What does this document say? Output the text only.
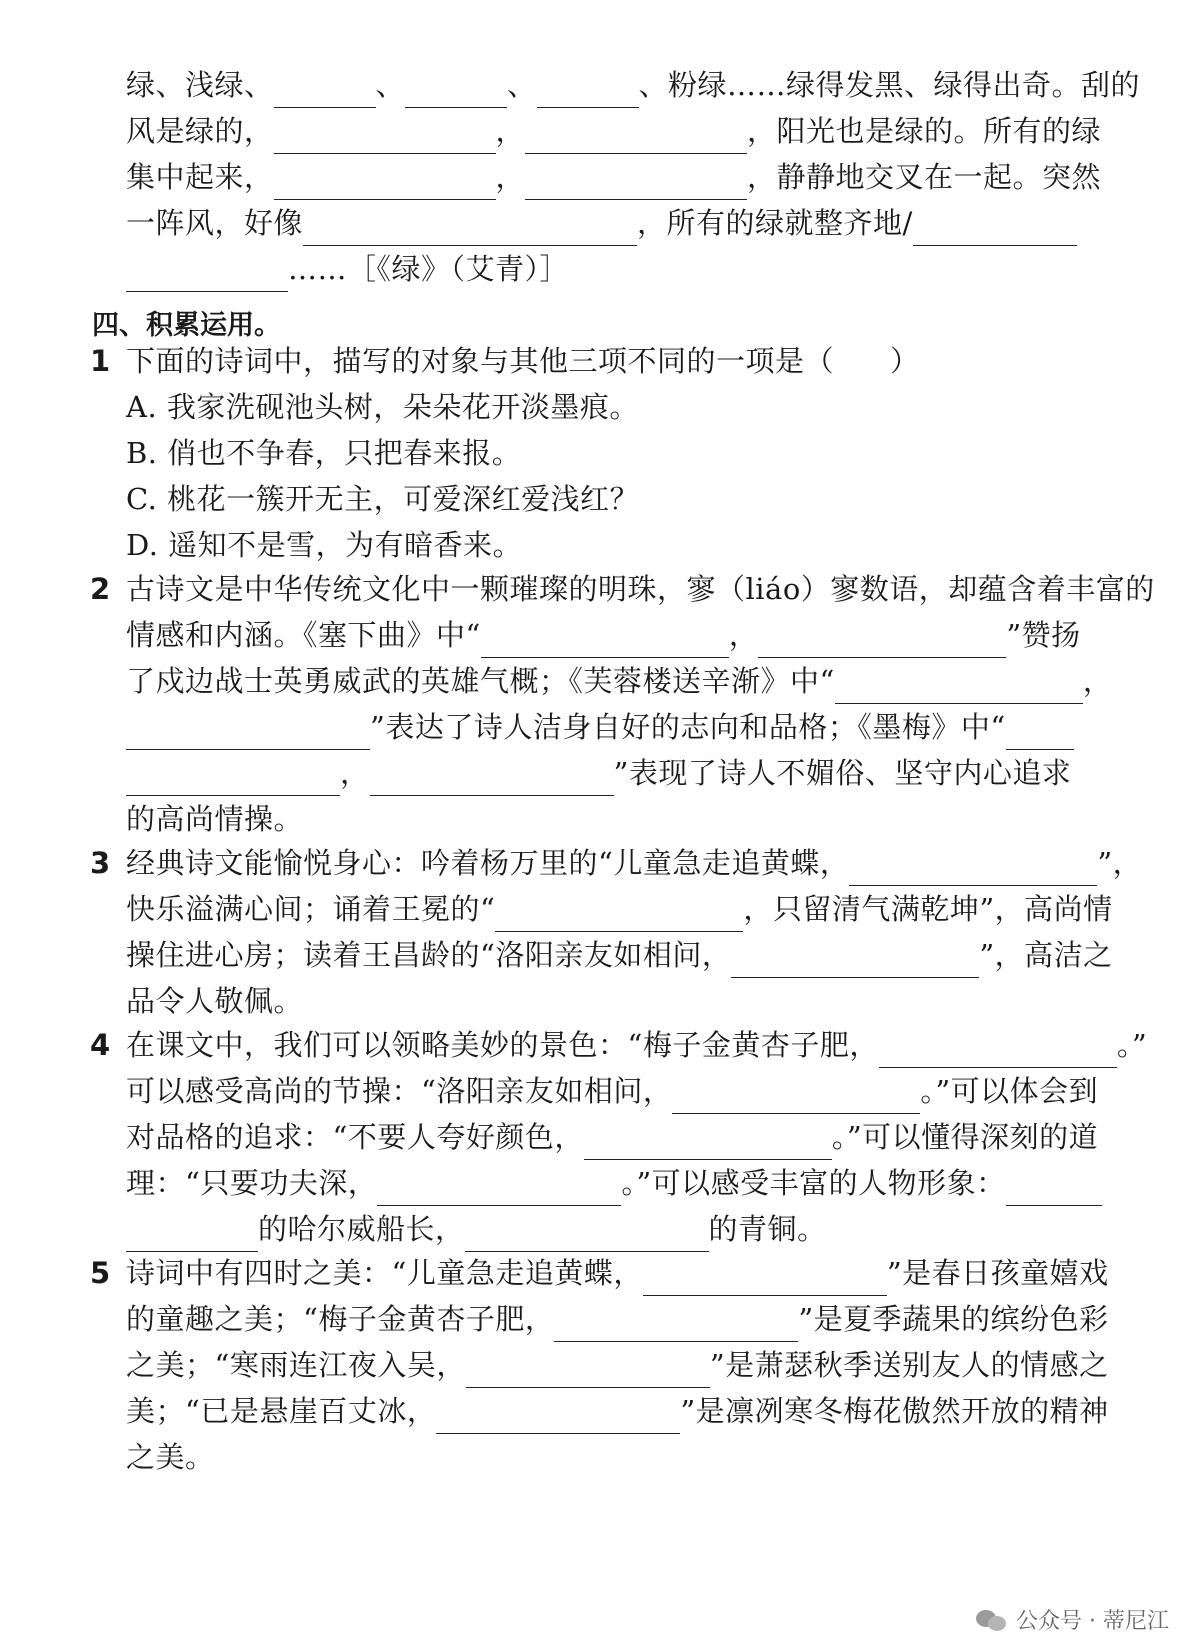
绿、浅绿、	、	、	、粉绿……绿得发黑、绿得出奇。刮的
风是绿的，	，	，阳光也是绿的。所有的绿
集中起来，	，	，静静地交叉在一起。突然
一阵风，好像	，所有的绿就整齐地/
……［《绿》（艾青）］
四、积累运用。
1 下面的诗词中，描写的对象与其他三项不同的一项是（ ）
A. 我家洗砚池头树，朵朵花开淡墨痕。
B. 俏也不争春，只把春来报。
C. 桃花一簇开无主，可爱深红爱浅红？
D. 遥知不是雪，为有暗香来。
2 古诗文是中华传统文化中一颗璀璨的明珠，寥（liáo）寥数语，却蕴含着丰富的
情感和内涵。《塞下曲》中“	，	”赞扬
了戍边战士英勇威武的英雄气概；《芙蓉楼送辛渐》中“	，
”表达了诗人洁身自好的志向和品格；《墨梅》中“
，	”表现了诗人不媚俗、坚守内心追求
的高尚情操。
3 经典诗文能愉悦身心：吟着杨万里的“儿童急走追黄蝶，	”，
快乐溢满心间；诵着王冕的“	，只留清气满乾坤”，高尚情
操住进心房；读着王昌龄的“洛阳亲友如相问，	”，高洁之
品令人敬佩。
4 在课文中，我们可以领略美妙的景色：“梅子金黄杏子肥，	。”
可以感受高尚的节操：“洛阳亲友如相问，	。”可以体会到
对品格的追求：“不要人夸好颜色，	。”可以懂得深刻的道
理：“只要功夫深，	。”可以感受丰富的人物形象：
的哈尔威船长，	的青铜。
5 诗词中有四时之美：“儿童急走追黄蝶，	”是春日孩童嬉戏
的童趣之美；“梅子金黄杏子肥，	”是夏季蔬果的缤纷色彩
之美；“寒雨连江夜入吴，	”是萧瑟秋季送别友人的情感之
美；“已是悬崖百丈冰，	”是凛冽寒冬梅花傲然开放的精神
之美。
公众号 · 蒂尼江
